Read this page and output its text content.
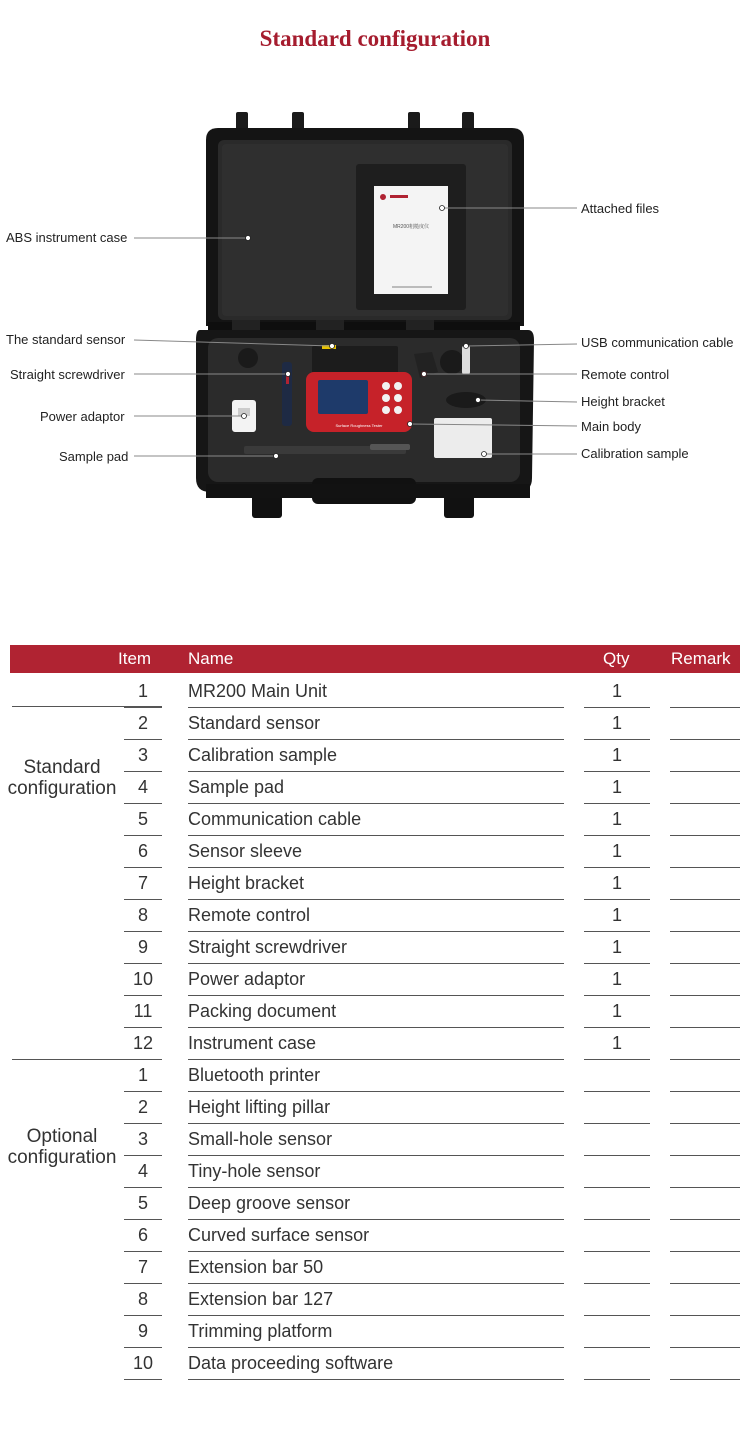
Standard configuration
MR200粗糙度仪
Surface Roughness Tester
ABS instrument case
The standard sensor
Straight screwdriver
Power adaptor
Sample pad
Attached files
USB communication cable
Remote control
Height bracket
Main body
Calibration sample
Item Name	Qty Remark
1	MR200 Main Unit	1
2	Standard sensor	1
3	Calibration sample	1
4	Sample pad	1
5	Communication cable	1
6	Sensor sleeve	1
7	Height bracket	1
8	Remote control	1
9	Straight screwdriver	1
10	Power adaptor	1
11	Packing document	1
12	Instrument case	1
Standard
configuration
1	Bluetooth printer
2	Height lifting pillar
3	Small-hole sensor
4	Tiny-hole sensor
5	Deep groove sensor
6	Curved surface sensor
7	Extension bar 50
8	Extension bar 127
9	Trimming platform
10	Data proceeding software
Optional
configuration
